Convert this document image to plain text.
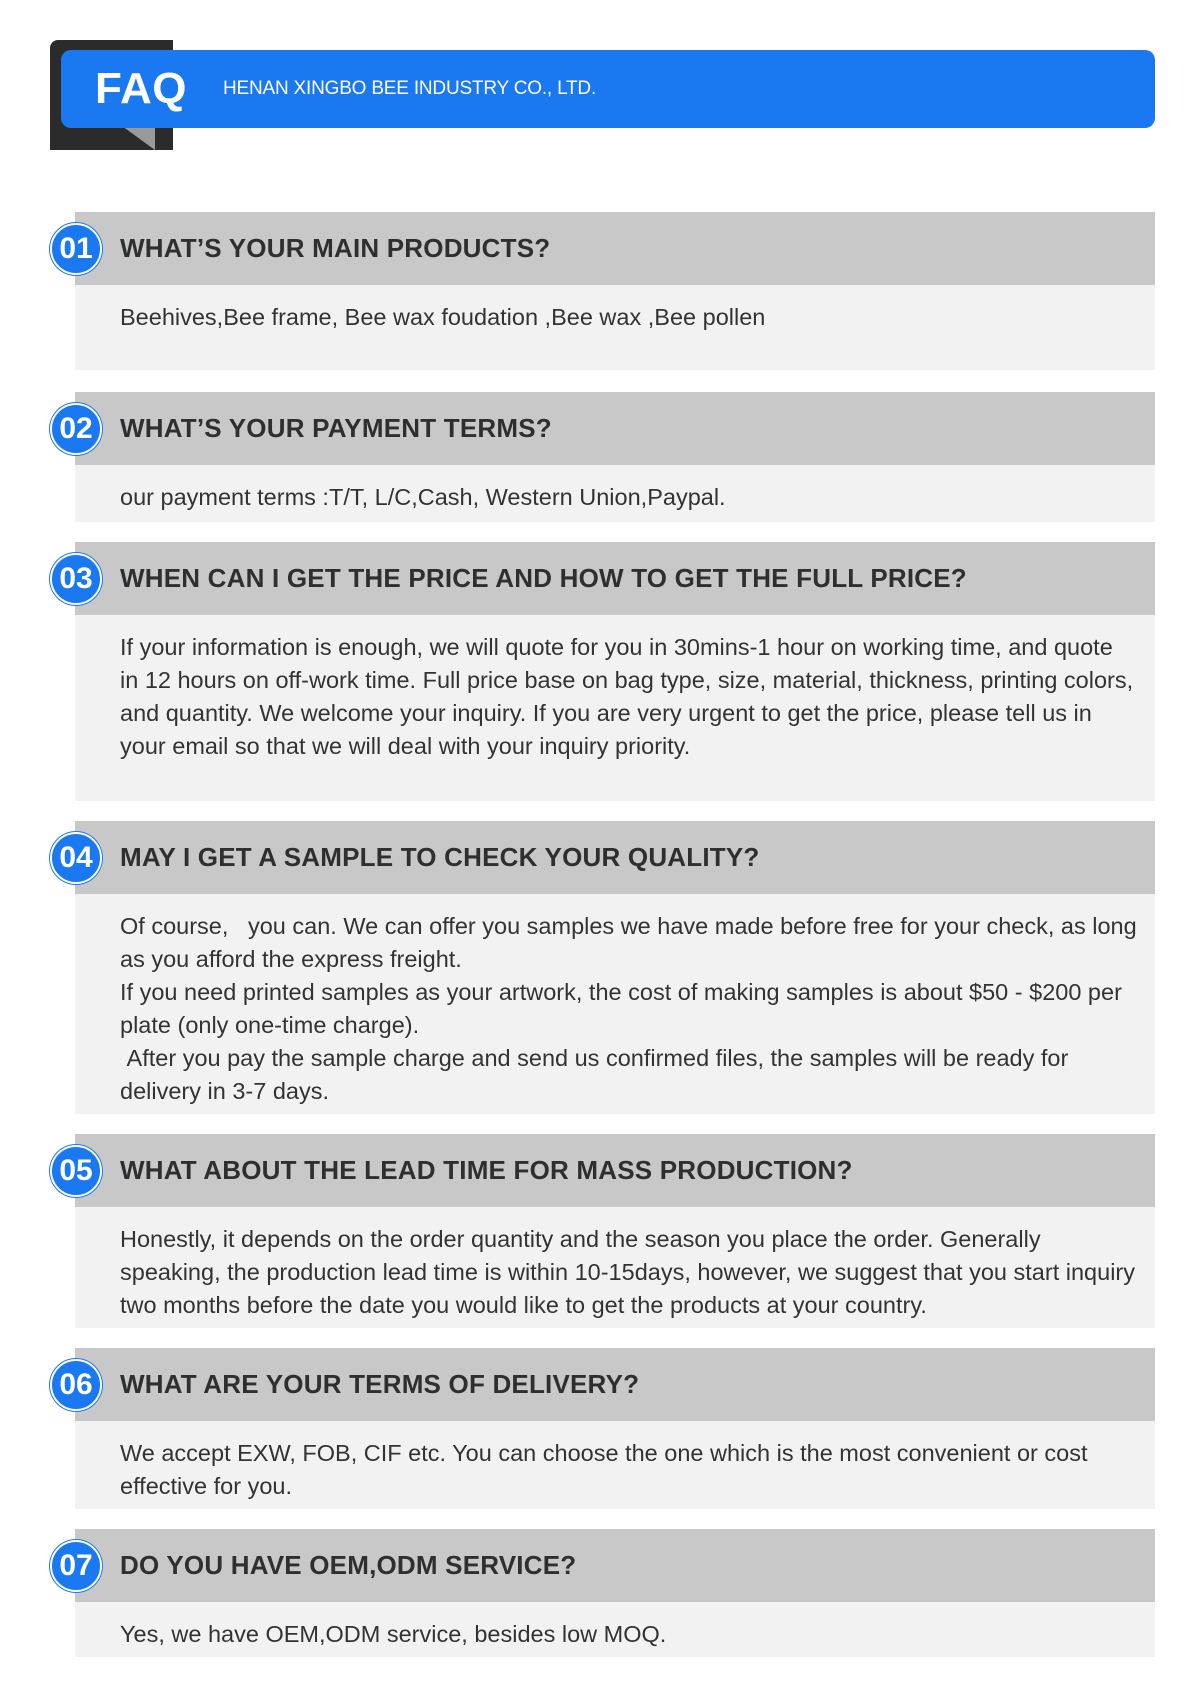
FAQ HENAN XINGBO BEE INDUSTRY CO., LTD.
01	WHAT’S YOUR MAIN PRODUCTS?

Beehives,Bee frame, Bee wax foudation ,Bee wax ,Bee pollen

02	WHAT’S YOUR PAYMENT TERMS?

our payment terms :T/T, L/C,Cash, Western Union,Paypal.

03	WHEN CAN I GET THE PRICE AND HOW TO GET THE FULL PRICE?

If your information is enough, we will quote for you in 30mins-1 hour on working time, and quote in 12 hours on off-work time. Full price base on bag type, size, material, thickness, printing colors, and quantity. We welcome your inquiry. If you are very urgent to get the price, please tell us in your email so that we will deal with your inquiry priority.

04	MAY I GET A SAMPLE TO CHECK YOUR QUALITY?

Of course,   you can. We can offer you samples we have made before free for your check, as long as you afford the express freight.
If you need printed samples as your artwork, the cost of making samples is about $50 - $200 per plate (only one-time charge).
After you pay the sample charge and send us confirmed files, the samples will be ready for delivery in 3-7 days.

05	WHAT ABOUT THE LEAD TIME FOR MASS PRODUCTION?

Honestly, it depends on the order quantity and the season you place the order. Generally speaking, the production lead time is within 10-15days, however, we suggest that you start inquiry two months before the date you would like to get the products at your country.

06	WHAT ARE YOUR TERMS OF DELIVERY?

We accept EXW, FOB, CIF etc. You can choose the one which is the most convenient or cost effective for you.

07	DO YOU HAVE OEM,ODM SERVICE?

Yes, we have OEM,ODM service, besides low MOQ.
